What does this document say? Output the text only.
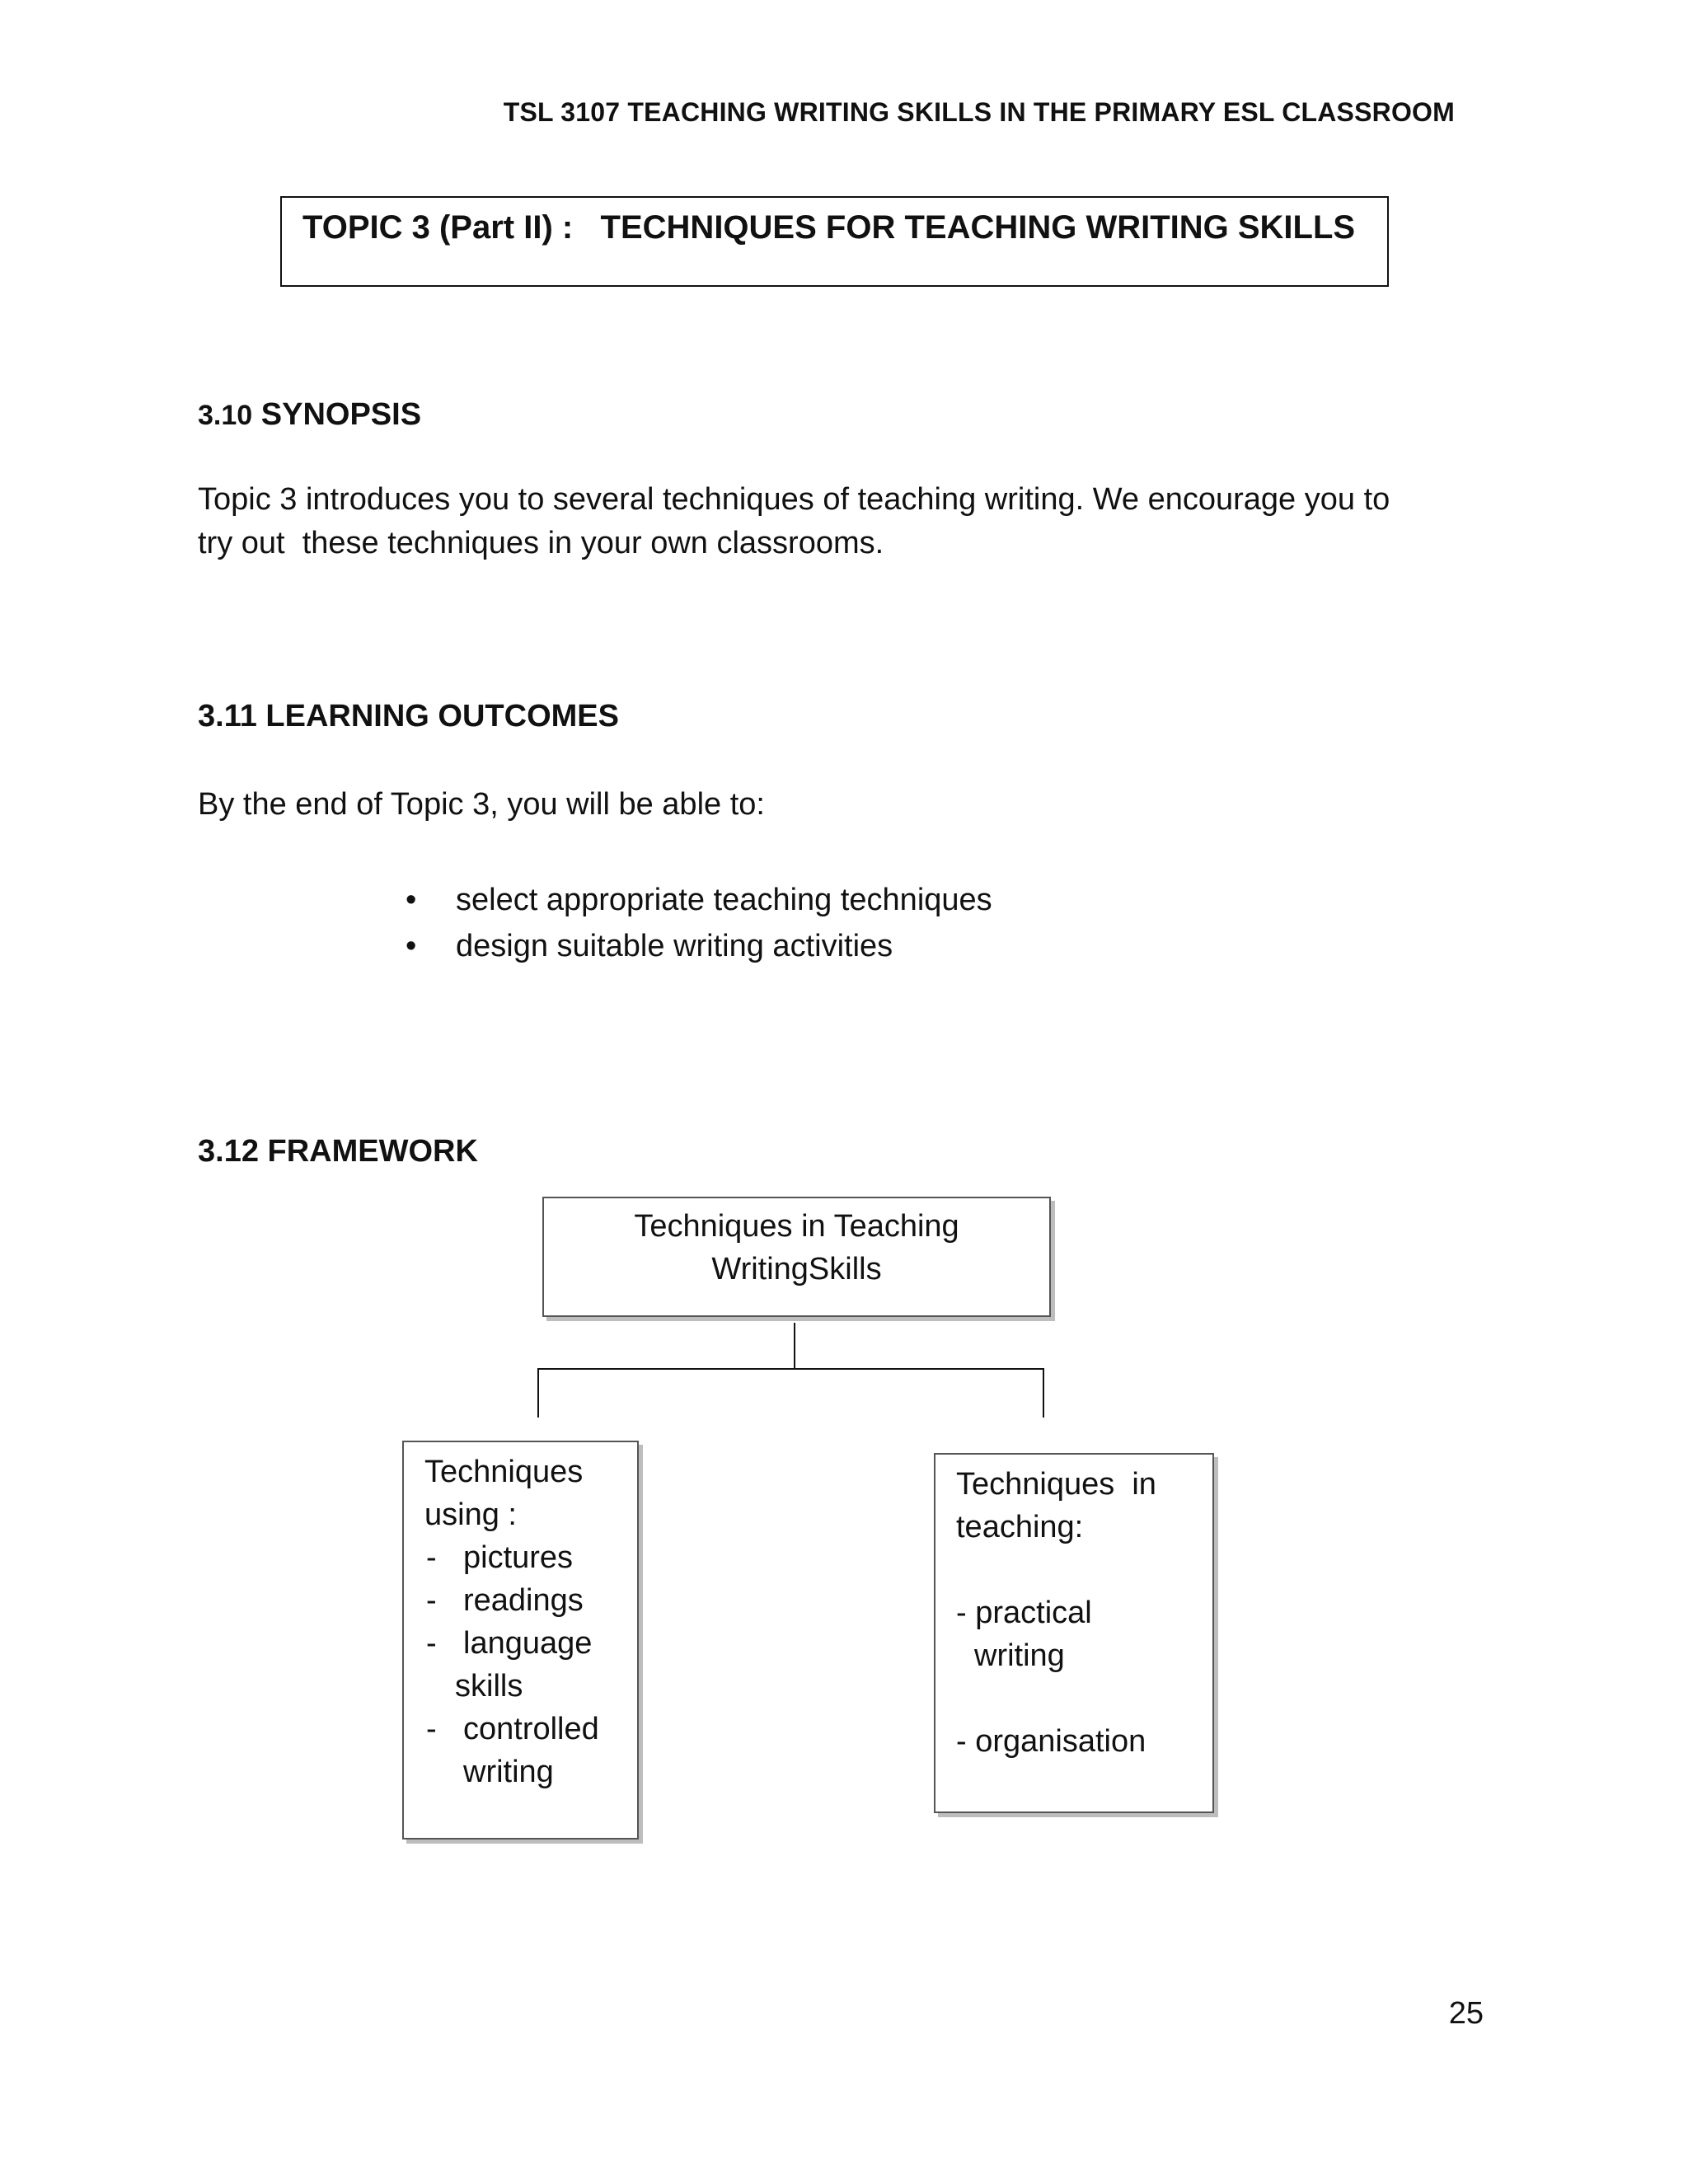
TSL 3107 TEACHING WRITING SKILLS IN THE PRIMARY ESL CLASSROOM
TOPIC 3 (Part II) : TECHNIQUES FOR TEACHING WRITING SKILLS
3.10 SYNOPSIS
Topic 3 introduces you to several techniques of teaching writing. We encourage you to
try out  these techniques in your own classrooms.
3.11 LEARNING OUTCOMES
By the end of Topic 3, you will be able to:
• select appropriate teaching techniques
• design suitable writing activities
3.12 FRAMEWORK
Techniques in Teaching
WritingSkills
Techniques
using :
- pictures
- readings
- language
skills
- controlled
writing
Techniques  in
teaching:
- practical
writing
- organisation
25
